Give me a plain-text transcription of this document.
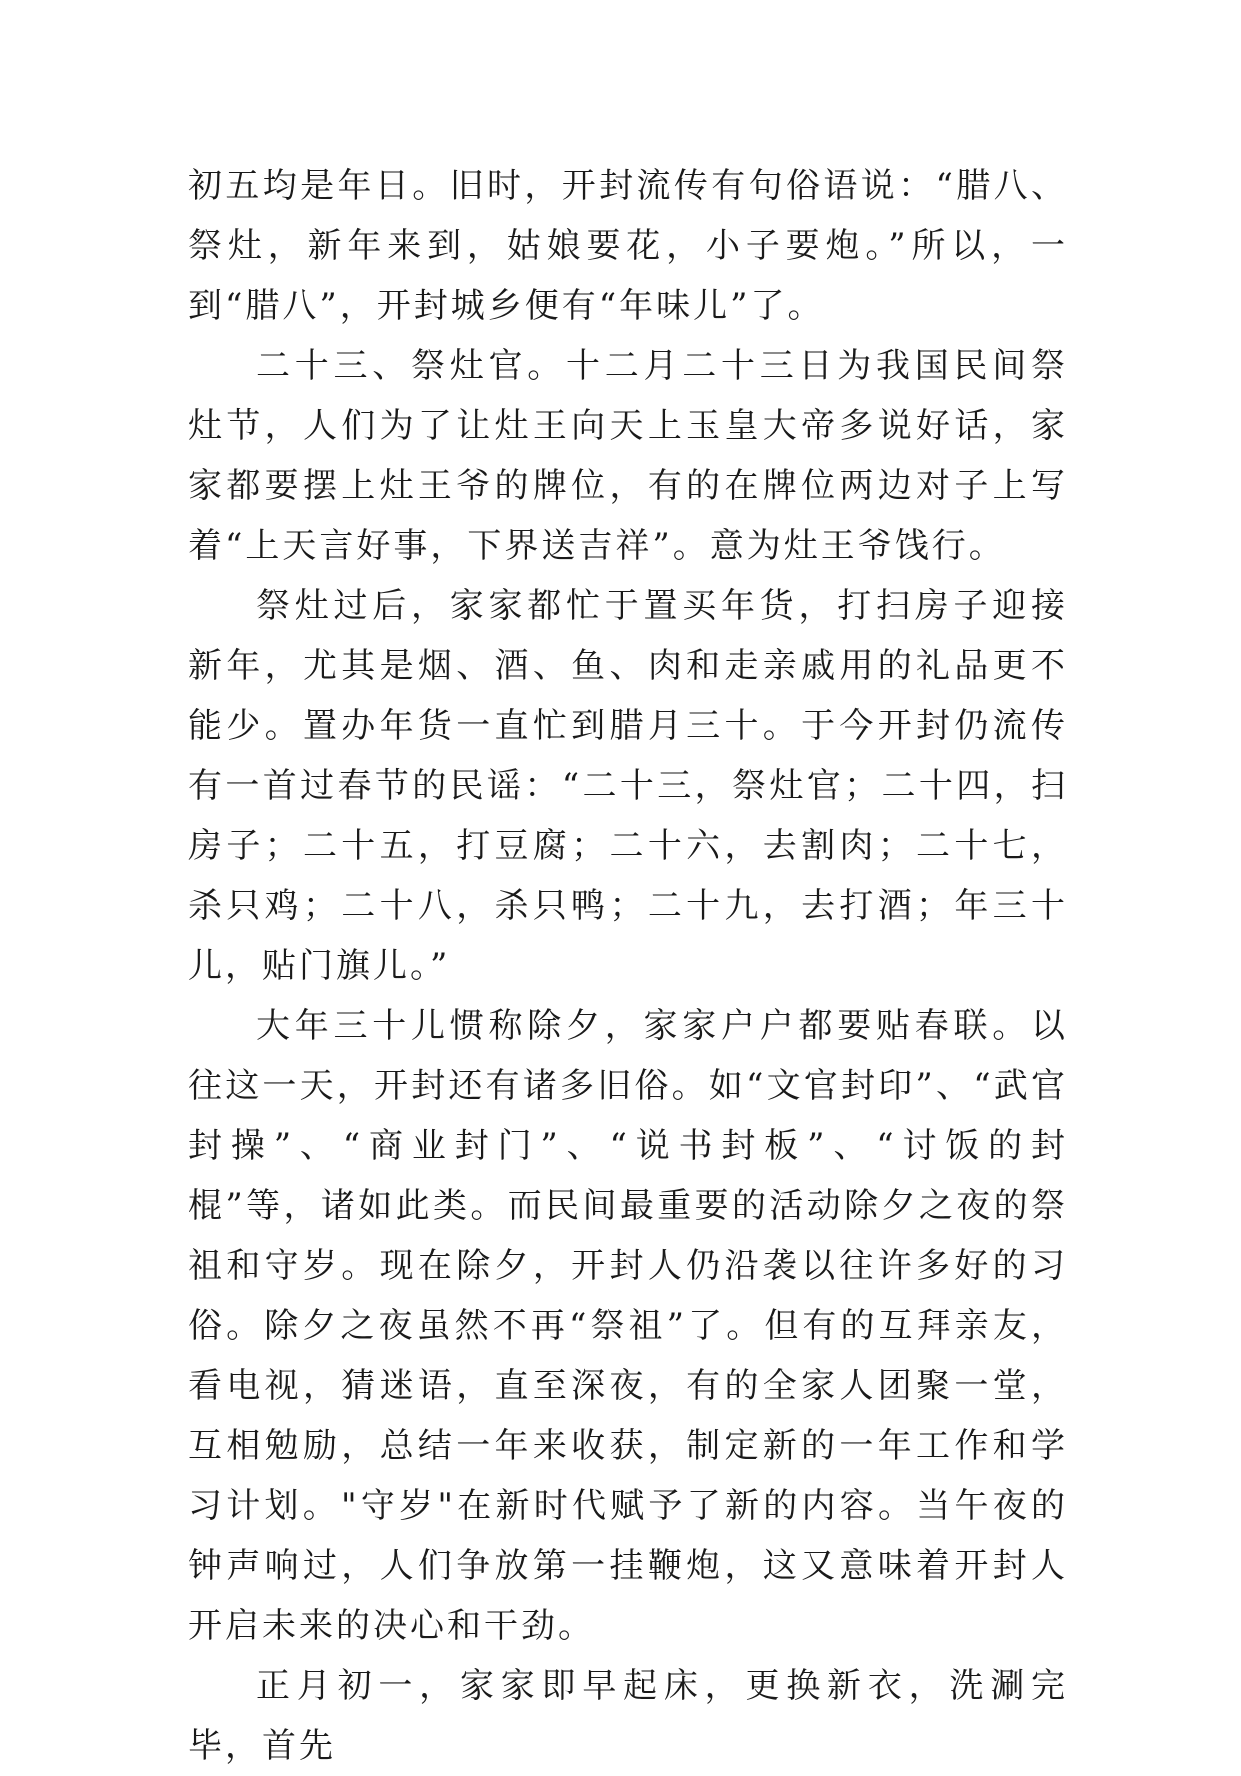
初五均是年日。旧时，开封流传有句俗语说：“腊八、祭灶，新年来到，姑娘要花，小子要炮。”所以，一到“腊八”，开封城乡便有“年味儿”了。

二十三、祭灶官。十二月二十三日为我国民间祭灶节，人们为了让灶王向天上玉皇大帝多说好话，家家都要摆上灶王爷的牌位，有的在牌位两边对子上写着“上天言好事，下界送吉祥”。意为灶王爷饯行。

祭灶过后，家家都忙于置买年货，打扫房子迎接新年，尤其是烟、酒、鱼、肉和走亲戚用的礼品更不能少。置办年货一直忙到腊月三十。于今开封仍流传有一首过春节的民谣：“二十三，祭灶官；二十四，扫房子；二十五，打豆腐；二十六，去割肉；二十七，杀只鸡；二十八，杀只鸭；二十九，去打酒；年三十儿，贴门旗儿。”

大年三十儿惯称除夕，家家户户都要贴春联。以往这一天，开封还有诸多旧俗。如“文官封印”、“武官封操”、“商业封门”、“说书封板”、“讨饭的封棍”等，诸如此类。而民间最重要的活动除夕之夜的祭祖和守岁。现在除夕，开封人仍沿袭以往许多好的习俗。除夕之夜虽然不再“祭祖”了。但有的互拜亲友，看电视，猜迷语，直至深夜，有的全家人团聚一堂，互相勉励，总结一年来收获，制定新的一年工作和学习计划。"守岁"在新时代赋予了新的内容。当午夜的钟声响过，人们争放第一挂鞭炮，这又意味着开封人开启未来的决心和干劲。

正月初一，家家即早起床，更换新衣，洗涮完毕，首先
